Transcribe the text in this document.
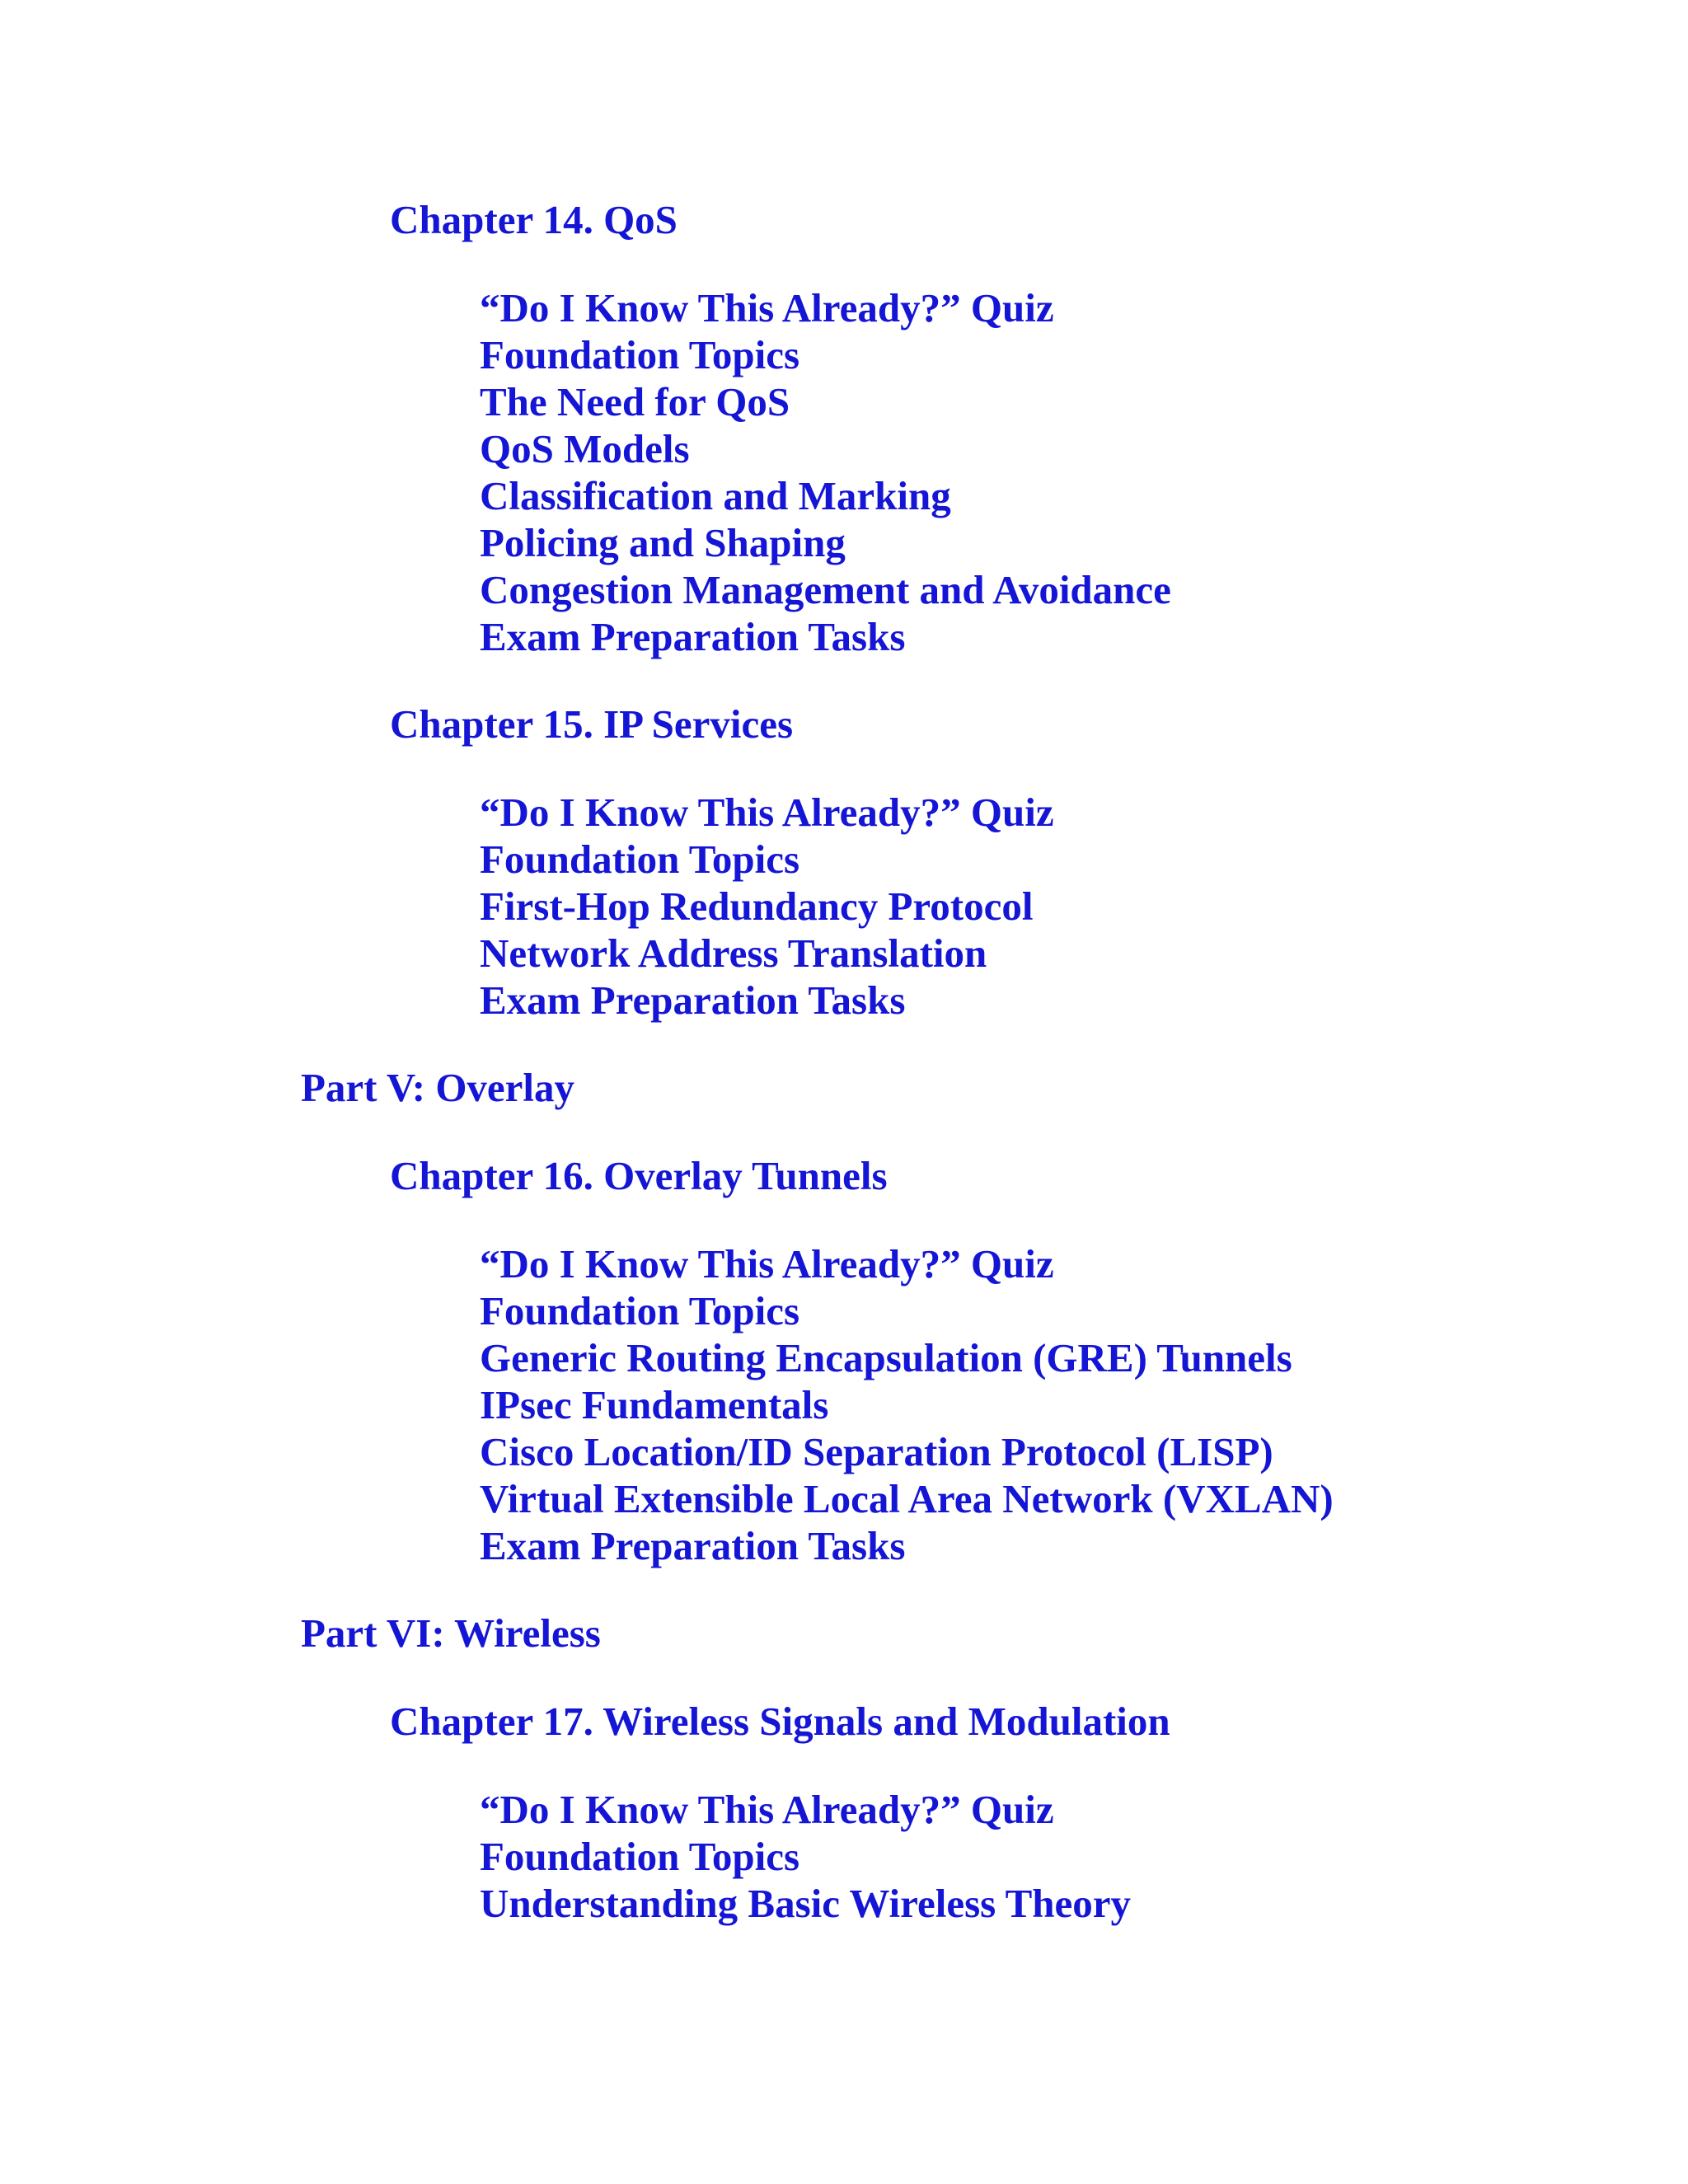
Chapter 14. QoS
“Do I Know This Already?” Quiz
Foundation Topics
The Need for QoS
QoS Models
Classification and Marking
Policing and Shaping
Congestion Management and Avoidance
Exam Preparation Tasks
Chapter 15. IP Services
“Do I Know This Already?” Quiz
Foundation Topics
First-Hop Redundancy Protocol
Network Address Translation
Exam Preparation Tasks
Part V: Overlay
Chapter 16. Overlay Tunnels
“Do I Know This Already?” Quiz
Foundation Topics
Generic Routing Encapsulation (GRE) Tunnels
IPsec Fundamentals
Cisco Location/ID Separation Protocol (LISP)
Virtual Extensible Local Area Network (VXLAN)
Exam Preparation Tasks
Part VI: Wireless
Chapter 17. Wireless Signals and Modulation
“Do I Know This Already?” Quiz
Foundation Topics
Understanding Basic Wireless Theory
